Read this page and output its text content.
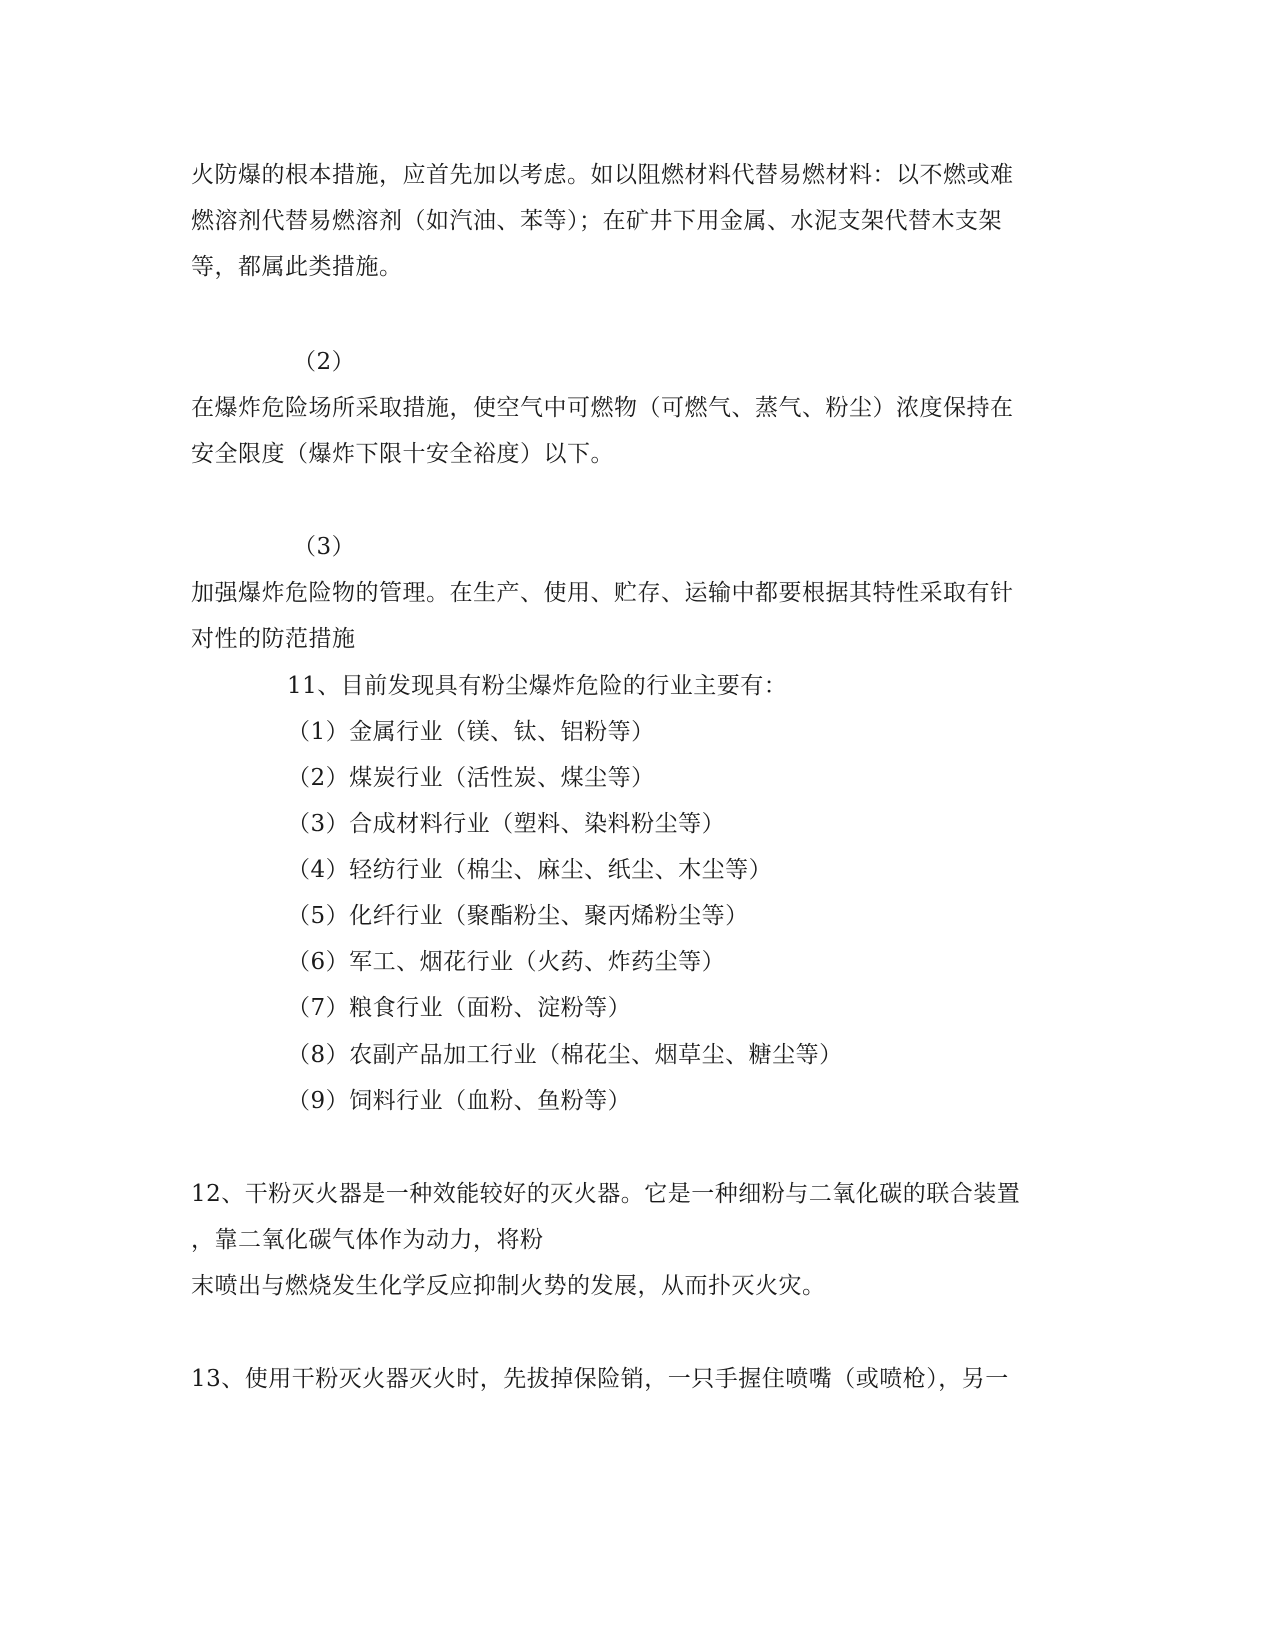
火防爆的根本措施，应首先加以考虑。如以阻燃材料代替易燃材料：以不燃或难
燃溶剂代替易燃溶剂（如汽油、苯等）；在矿井下用金属、水泥支架代替木支架
等，都属此类措施。
（2）
在爆炸危险场所采取措施，使空气中可燃物（可燃气、蒸气、粉尘）浓度保持在
安全限度（爆炸下限十安全裕度）以下。
（3）
加强爆炸危险物的管理。在生产、使用、贮存、运输中都要根据其特性采取有针
对性的防范措施
11、目前发现具有粉尘爆炸危险的行业主要有：
（1）金属行业（镁、钛、铝粉等）
（2）煤炭行业（活性炭、煤尘等）
（3）合成材料行业（塑料、染料粉尘等）
（4）轻纺行业（棉尘、麻尘、纸尘、木尘等）
（5）化纤行业（聚酯粉尘、聚丙烯粉尘等）
（6）军工、烟花行业（火药、炸药尘等）
（7）粮食行业（面粉、淀粉等）
（8）农副产品加工行业（棉花尘、烟草尘、糖尘等）
（9）饲料行业（血粉、鱼粉等）
12、干粉灭火器是一种效能较好的灭火器。它是一种细粉与二氧化碳的联合装置
，靠二氧化碳气体作为动力，将粉
末喷出与燃烧发生化学反应抑制火势的发展，从而扑灭火灾。
13、使用干粉灭火器灭火时，先拔掉保险销，一只手握住喷嘴（或喷枪），另一
